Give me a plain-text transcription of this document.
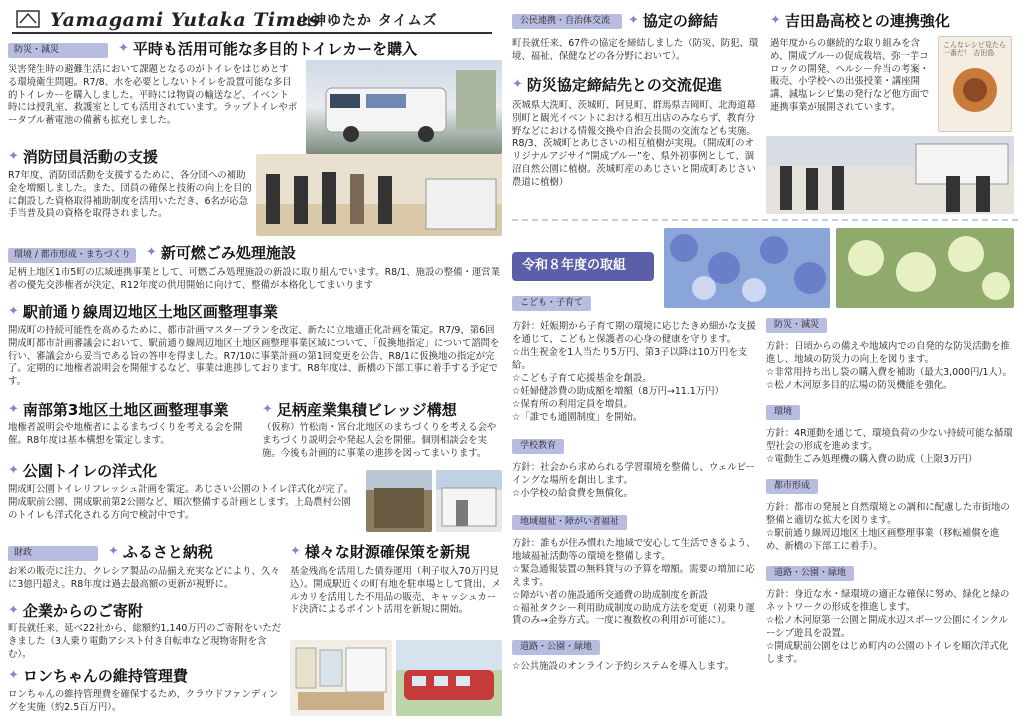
Yamagami Yutaka Times
山神ゆたか タイムズ
防災・減災	✦ 平時も活用可能な多目的トイレカーを購入
災害発生時の避難生活において課題となるのがトイレをはじめとする環境衛生問題。R7/8、水を必要としないトイレを設置可能な多目的トイレカーを購入しました。平時には物資の輸送など、イベント時には授乳室、救護室としても活用されています。ラップトイレやポータブル蓄電池の備蓄も拡充しました。
✦ 消防団員活動の支援
R7年度、消防団活動を支援するために、各分団への補助金を増額しました。また、団員の確保と技術の向上を目的に創設した資格取得補助制度を活用いただき、6名が応急手当普及員の資格を取得されました。
環境 / 都市形成・まちづくり	✦ 新可燃ごみ処理施設
足柄上地区1市5町の広域連携事業として、可燃ごみ処理施設の新設に取り組んでいます。R8/1、施設の整備・運営業者の優先交渉権者が決定、R12年度の供用開始に向けて、整備が本格化してまいります
✦ 駅前通り線周辺地区土地区画整理事業
開成町の持続可能性を高めるために、都市計画マスタープランを改定、新たに立地適正化計画を策定。R7/9、第6回開成町都市計画審議会において、駅前通り線周辺地区土地区画整理事業区域について、「仮換地指定」について諮問を行い、審議会から妥当である旨の答申を得ました。R7/10に事業計画の第1回変更を公告、R8/1に仮換地の指定が完了。定期的に地権者説明会を開催するなど、事業は進捗しております。R8年度は、新橋の下部工事に着手する予定です。
✦ 南部第3地区土地区画整理事業
地権者説明会や地権者によるまちづくりを考える会を開催。R8年度は基本構想を策定します。
✦ 足柄産業集積ビレッジ構想
（仮称）竹松南・宮台北地区のまちづくりを考える会やまちづくり説明会や発起人会を開催。個別相談会を実施。今後も計画的に事業の進捗を図ってまいります。
✦ 公園トイレの洋式化
開成町公園トイレリフレッシュ計画を策定。あじさい公園のトイレ洋式化が完了。開成駅前公園、開成駅前第2公園など、順次整備する計画とします。上島農村公園のトイレも洋式化される方向で検討中です。
財政	✦ ふるさと納税
お米の販売に注力、クレシア製品の品揃え充実などにより、久々に3億円超え。R8年度は過去最高額の更新が視野に。
✦ 企業からのご寄附
町長就任来、延べ22社から、総額約1,140万円のご寄附をいただきました（3人乗り電動アシスト付き自転車など現物寄附を含む）。
✦ ロンちゃんの維持管理費
ロンちゃんの維持管理費を確保するため、クラウドファンディングを実施（約2.5百万円）。
✦ 様々な財源確保策を新規
基金残高を活用した債券運用（利子収入70万円見込）。開成駅近くの町有地を駐車場として貸出、メルカリを活用した不用品の販売、キャッシュカード決済によるポイント活用を新規に開始。
公民連携・自治体交流	✦ 協定の締結
町長就任来、67件の協定を締結しました（防災、防犯、環境、福祉、保健などの各分野において）。
✦ 防災協定締結先との交流促進
茨城県大洗町、茨城町、阿見町、群馬県吉岡町、北海道幕別町と観光イベントにおける相互出店のみならず、教育分野などにおける情報交換や自治会長間の交流なども実施。R8/3、茨城町とあじさいの相互植樹が実現。（開成町のオリジナルアジサイ“開成ブルー”を、県外初事例として、涸沼自然公園に植樹。茨城町産のあじさいと開成町あじさい農道に植樹）
✦ 吉田島高校との連携強化
過年度からの継続的な取り組みを含め、開成ブルーの促成栽培、弥一芋コロックの開発、ヘルシー弁当の考案・販売、小学校への出張授業・講座開講、減塩レシピ集の発行など他方面で連携事業が展開されています。
こんなレシピ見たら一番だ！ 吉田島
令和８年度の取組
こども・子育て
方針：妊娠期から子育て期の環境に応じたきめ細かな支援を通じて、こどもと保護者の心身の健康を守ります。
☆出生祝金を1人当たり5万円、第3子以降は10万円を支給。
☆こども子育て応援基金を創設。
☆妊婦健診費の助成額を増額（8万円→11.1万円）
☆保育所の利用定員を増員。
☆「誰でも通園制度」を開始。
学校教育
方針：社会から求められる学習環境を整備し、ウェルビーイングな場所を創出します。
☆小学校の給食費を無償化。
地域福祉・障がい者福祉
方針：誰もが住み慣れた地域で安心して生活できるよう、地域福祉活動等の環境を整備します。
☆緊急通報装置の無料貸与の予算を増額。需要の増加に応えます。
☆障がい者の施設通所交通費の助成制度を新設
☆福祉タクシー利用助成制度の助成方法を変更（初乗り運賃のみ→金券方式。一度に複数枚の利用が可能に）。
道路・公園・緑地
☆公共施設のオンライン予約システムを導入します。
防災・減災
方針：日頃からの備えや地域内での自発的な防災活動を推進し、地域の防災力の向上を図ります。
☆非常用持ち出し袋の購入費を補助（最大3,000円/1人）。
☆松ノ木河原多目的広場の防災機能を強化。
環境
方針：4R運動を通じて、環境負荷の少ない持続可能な循環型社会の形成を進めます。
☆電動生ごみ処理機の購入費の助成（上限3万円）
都市形成
方針：都市の発展と自然環境との調和に配慮した市街地の整備と適切な拡大を図ります。
☆駅前通り線周辺地区土地区画整理事業（移転補償を進め、新橋の下部工に着手）。
道路・公園・緑地
方針：身近な水・緑環境の適正な確保に努め、緑化と緑のネットワークの形成を推進します。
☆松ノ木河原第一公園と開成水辺スポーツ公園にインクルーシブ遊具を設置。
☆開成駅前公園をはじめ町内の公園のトイレを順次洋式化します。
